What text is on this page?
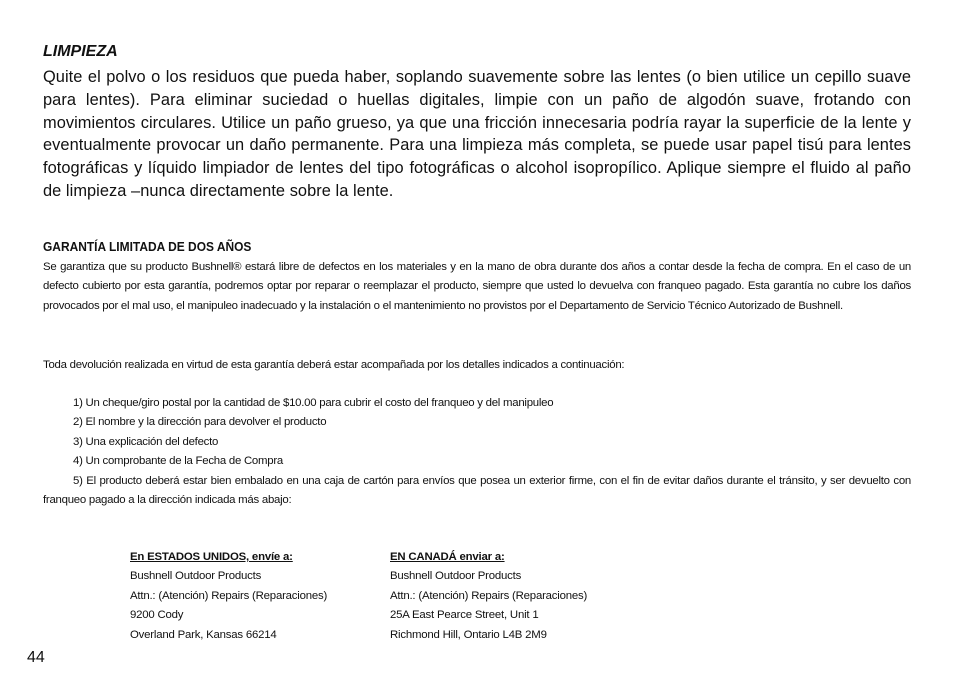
LIMPIEZA

Quite el polvo o los residuos que pueda haber, soplando suavemente sobre las lentes (o bien utilice un cepillo suave para lentes). Para eliminar suciedad o huellas digitales, limpie con un paño de algodón suave, frotando con movimientos circulares. Utilice un paño grueso, ya que una fricción innecesaria podría rayar la superficie de la lente y eventualmente provocar un daño permanente. Para una limpieza más completa, se puede usar papel tisú para lentes fotográficas y líquido limpiador de lentes del tipo fotográficas o alcohol isopropílico. Aplique siempre el fluido al paño de limpieza –nunca directamente sobre la lente.

GARANTÍA LIMITADA DE DOS AÑOS

Se garantiza que su producto Bushnell® estará libre de defectos en los materiales y en la mano de obra durante dos años a contar desde la fecha de compra. En el caso de un defecto cubierto por esta garantía, podremos optar por reparar o reemplazar el producto, siempre que usted lo devuelva con franqueo pagado. Esta garantía no cubre los daños provocados por el mal uso, el manipuleo inadecuado y la instalación o el mantenimiento no provistos por el Departamento de Servicio Técnico Autorizado de Bushnell.

Toda devolución realizada en virtud de esta garantía deberá estar acompañada por los detalles indicados a continuación:

1) Un cheque/giro postal por la cantidad de $10.00 para cubrir el costo del franqueo y del manipuleo
2) El nombre y la dirección para devolver el producto
3) Una explicación del defecto
4) Un comprobante de la Fecha de Compra
5) El producto deberá estar bien embalado en una caja de cartón para envíos que posea un exterior firme, con el fin de evitar daños durante el tránsito, y ser devuelto con franqueo pagado a la dirección indicada más abajo:
En ESTADOS UNIDOS, envíe a:
Bushnell Outdoor Products
Attn.: (Atención) Repairs (Reparaciones)
9200 Cody
Overland Park, Kansas 66214
EN CANADÁ enviar a:
Bushnell Outdoor Products
Attn.: (Atención) Repairs (Reparaciones)
25A East Pearce Street, Unit 1
Richmond Hill, Ontario L4B 2M9
44
